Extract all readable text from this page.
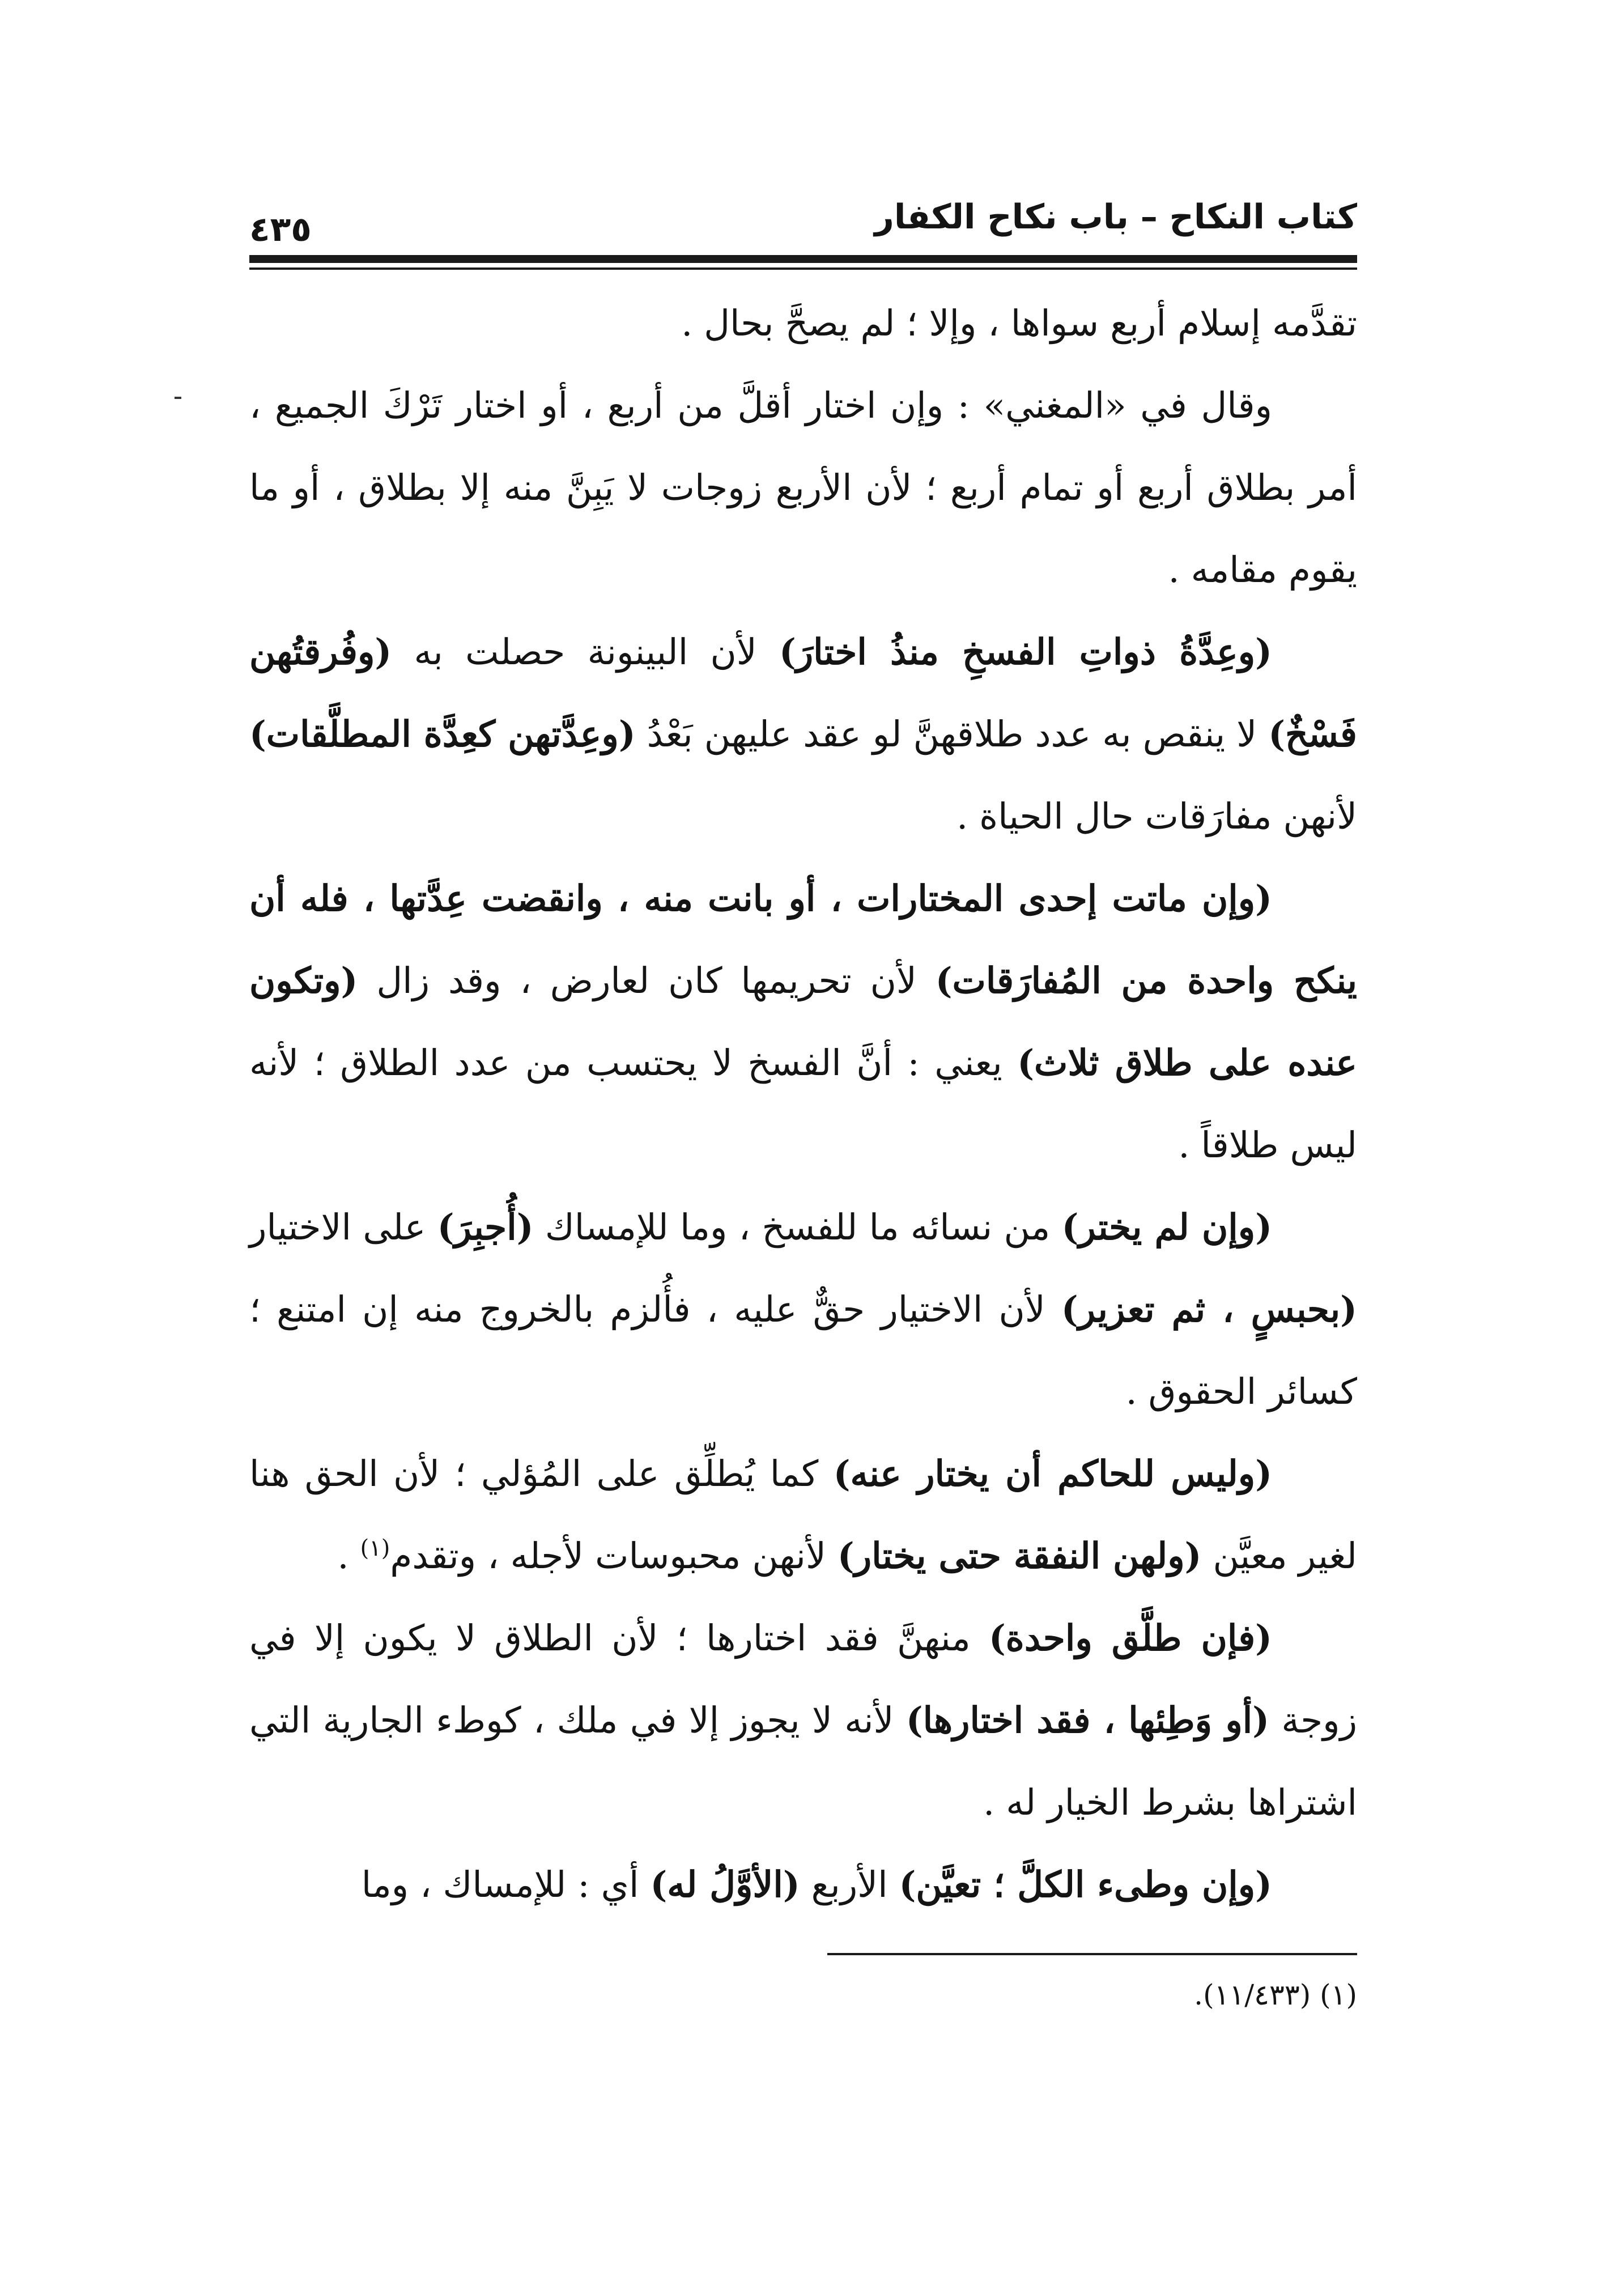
كتاب النكاح – باب نكاح الكفار
٤٣٥

تقدَّمه إسلام أربع سواها ، وإلا ؛ لم يصحَّ بحال .

وقال في «المغني» : وإن اختار أقلَّ من أربع ، أو اختار تَرْكَ الجميع ، أمر بطلاق أربع أو تمام أربع ؛ لأن الأربع زوجات لا يَبِنَّ منه إلا بطلاق ، أو ما يقوم مقامه .

(وعِدَّةُ ذواتِ الفسخِ منذُ اختارَ) لأن البينونة حصلت به (وفُرقتُهن فَسْخٌ) لا ينقص به عدد طلاقهنَّ لو عقد عليهن بَعْدُ (وعِدَّتهن كعِدَّة المطلَّقات) لأنهن مفارَقات حال الحياة .

(وإن ماتت إحدى المختارات ، أو بانت منه ، وانقضت عِدَّتها ، فله أن ينكح واحدة من المُفارَقات) لأن تحريمها كان لعارض ، وقد زال (وتكون عنده على طلاق ثلاث) يعني : أنَّ الفسخ لا يحتسب من عدد الطلاق ؛ لأنه ليس طلاقاً .

(وإن لم يختر) من نسائه ما للفسخ ، وما للإمساك (أُجبِرَ) على الاختيار (بحبسٍ ، ثم تعزير) لأن الاختيار حقٌّ عليه ، فأُلزم بالخروج منه إن امتنع ؛ كسائر الحقوق .

(وليس للحاكم أن يختار عنه) كما يُطلِّق على المُؤلي ؛ لأن الحق هنا لغير معيَّن (ولهن النفقة حتى يختار) لأنهن محبوسات لأجله ، وتقدم$^{(١)}$ .

(فإن طلَّق واحدة) منهنَّ فقد اختارها ؛ لأن الطلاق لا يكون إلا في زوجة (أو وَطِئها ، فقد اختارها) لأنه لا يجوز إلا في ملك ، كوطء الجارية التي اشتراها بشرط الخيار له .

(وإن وطىء الكلَّ ؛ تعيَّن) الأربع (الأوَّلُ له) أي : للإمساك ، وما

(١) (١١/٤٣٣).
